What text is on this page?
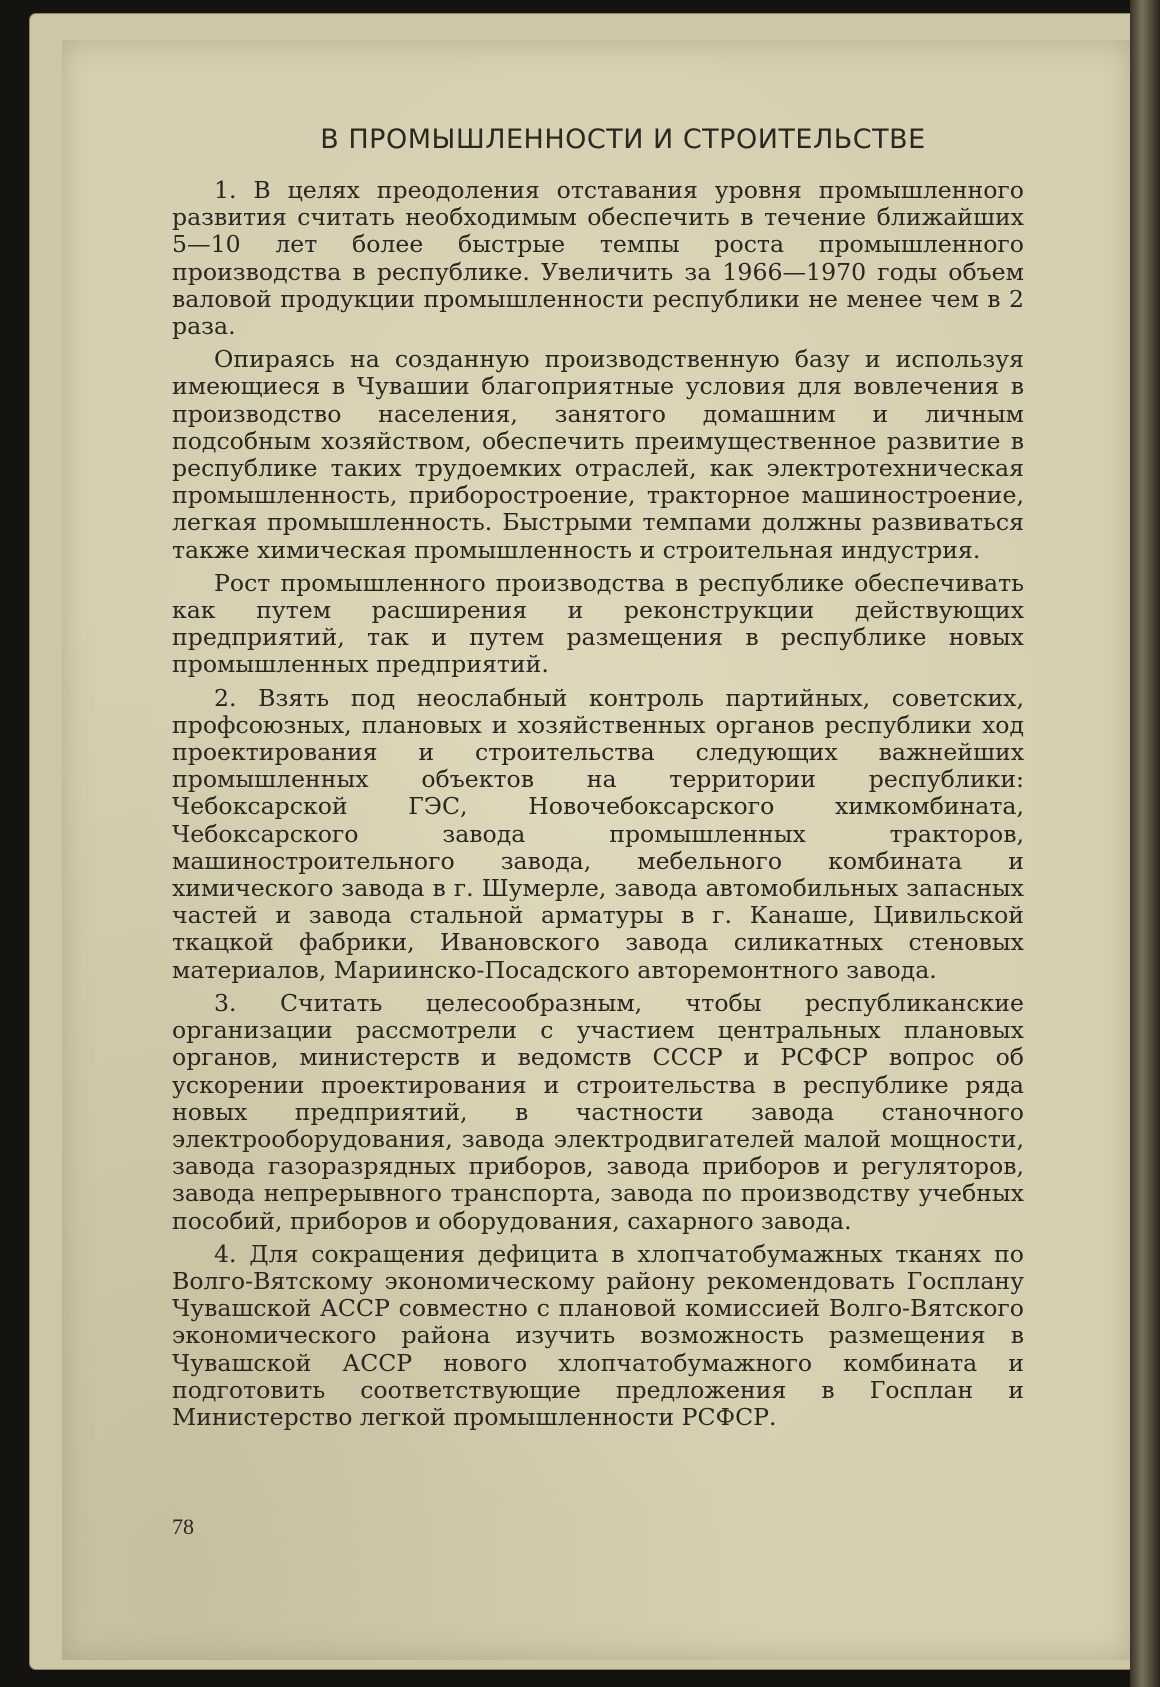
В ПРОМЫШЛЕННОСТИ И СТРОИТЕЛЬСТВЕ

1. В целях преодоления отставания уровня промышленного развития считать необходимым обеспечить в течение ближайших 5—10 лет более быстрые темпы роста промышленного производства в республике. Увеличить за 1966—1970 годы объем валовой продукции промышленности республики не менее чем в 2 раза.

Опираясь на созданную производственную базу и используя имеющиеся в Чувашии благоприятные условия для вовлечения в производство населения, занятого домашним и личным подсобным хозяйством, обеспечить преимущественное развитие в республике таких трудоемких отраслей, как электротехническая промышленность, приборостроение, тракторное машиностроение, легкая промышленность. Быстрыми темпами должны развиваться также химическая промышленность и строительная индустрия.

Рост промышленного производства в республике обеспечивать как путем расширения и реконструкции действующих предприятий, так и путем размещения в республике новых промышленных предприятий.

2. Взять под неослабный контроль партийных, советских, профсоюзных, плановых и хозяйственных органов республики ход проектирования и строительства следующих важнейших промышленных объектов на территории республики: Чебоксарской ГЭС, Новочебоксарского химкомбината, Чебоксарского завода промышленных тракторов, машиностроительного завода, мебельного комбината и химического завода в г. Шумерле, завода автомобильных запасных частей и завода стальной арматуры в г. Канаше, Цивильской ткацкой фабрики, Ивановского завода силикатных стеновых материалов, Мариинско-Посадского авторемонтного завода.

3. Считать целесообразным, чтобы республиканские организации рассмотрели с участием центральных плановых органов, министерств и ведомств СССР и РСФСР вопрос об ускорении проектирования и строительства в республике ряда новых предприятий, в частности завода станочного электрооборудования, завода электродвигателей малой мощности, завода газоразрядных приборов, завода приборов и регуляторов, завода непрерывного транспорта, завода по производству учебных пособий, приборов и оборудования, сахарного завода.

4. Для сокращения дефицита в хлопчатобумажных тканях по Волго-Вятскому экономическому району рекомендовать Госплану Чувашской АССР совместно с плановой комиссией Волго-Вятского экономического района изучить возможность размещения в Чувашской АССР нового хлопчатобумажного комбината и подготовить соответствующие предложения в Госплан и Министерство легкой промышленности РСФСР.

78
